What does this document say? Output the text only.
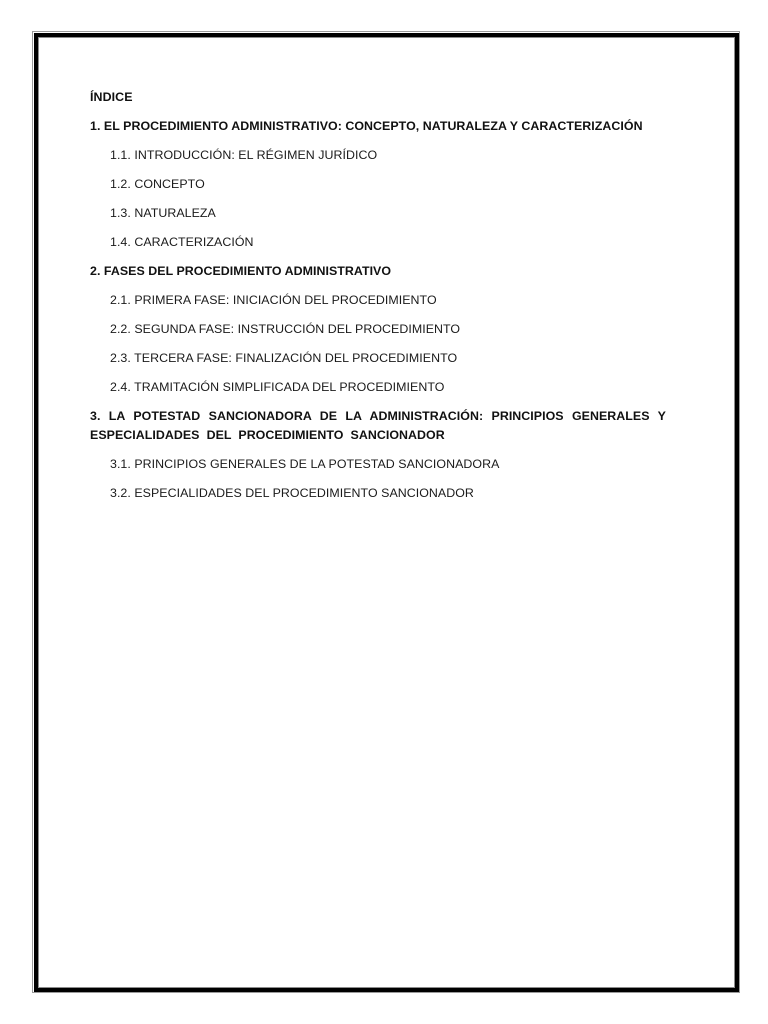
ÍNDICE
1. EL PROCEDIMIENTO ADMINISTRATIVO: CONCEPTO, NATURALEZA Y CARACTERIZACIÓN
1.1. INTRODUCCIÓN: EL RÉGIMEN JURÍDICO
1.2. CONCEPTO
1.3. NATURALEZA
1.4. CARACTERIZACIÓN
2. FASES DEL PROCEDIMIENTO ADMINISTRATIVO
2.1. PRIMERA FASE: INICIACIÓN DEL PROCEDIMIENTO
2.2. SEGUNDA FASE: INSTRUCCIÓN DEL PROCEDIMIENTO
2.3. TERCERA FASE: FINALIZACIÓN DEL PROCEDIMIENTO
2.4. TRAMITACIÓN SIMPLIFICADA DEL PROCEDIMIENTO
3. LA POTESTAD SANCIONADORA DE LA ADMINISTRACIÓN: PRINCIPIOS GENERALES Y ESPECIALIDADES DEL PROCEDIMIENTO SANCIONADOR
3.1. PRINCIPIOS GENERALES DE LA POTESTAD SANCIONADORA
3.2. ESPECIALIDADES DEL PROCEDIMIENTO SANCIONADOR
